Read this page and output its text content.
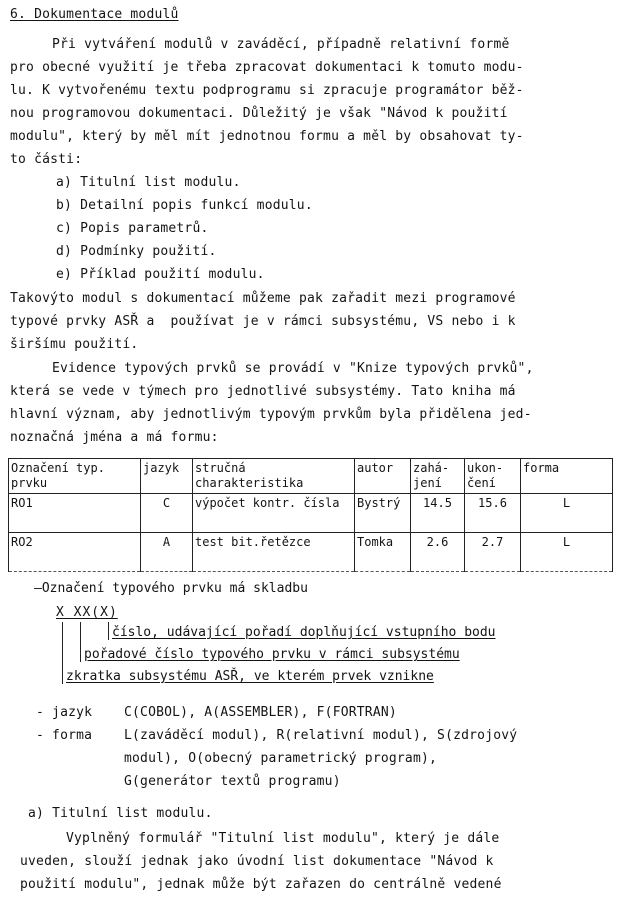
6. Dokumentace modulů
Při vytváření modulů v zaváděcí, případně relativní formě
pro obecné využití je třeba zpracovat dokumentaci k tomuto modu-
lu. K vytvořenému textu podprogramu si zpracuje programátor běž-
nou programovou dokumentaci. Důležitý je však "Návod k použití
modulu", který by měl mít jednotnou formu a měl by obsahovat ty-
to části:
a) Titulní list modulu.
b) Detailní popis funkcí modulu.
c) Popis parametrů.
d) Podmínky použití.
e) Příklad použití modulu.
Takovýto modul s dokumentací můžeme pak zařadit mezi programové
typové prvky ASŘ a  používat je v rámci subsystému, VS nebo i k
širšímu použití.
Evidence typových prvků se provádí v "Knize typových prvků",
která se vede v týmech pro jednotlivé subsystémy. Tato kniha má
hlavní význam, aby jednotlivým typovým prvkům byla přidělena jed-
noznačná jména a má formu:
Označení typ. prvku	jazyk	stručná charakteristika	autor	zahá-jení	ukon-čení	forma
RO1	C	výpočet kontr. čísla	Bystrý	14.5	15.6	L
RO2	A	test bit.řetězce	Tomka	2.6	2.7	L
—Označení typového prvku má skladbu
X XX(X)
číslo, udávající pořadí doplňující vstupního bodu
pořadové číslo typového prvku v rámci subsystému
zkratka subsystému ASŘ, ve kterém prvek vznikne
- jazyk C(COBOL), A(ASSEMBLER), F(FORTRAN)
- forma L(zaváděcí modul), R(relativní modul), S(zdrojový
modul), O(obecný parametrický program),
G(generátor textů programu)
a) Titulní list modulu.
Vyplněný formulář "Titulní list modulu", který je dále
uveden, slouží jednak jako úvodní list dokumentace "Návod k
použití modulu", jednak může být zařazen do centrálně vedené
